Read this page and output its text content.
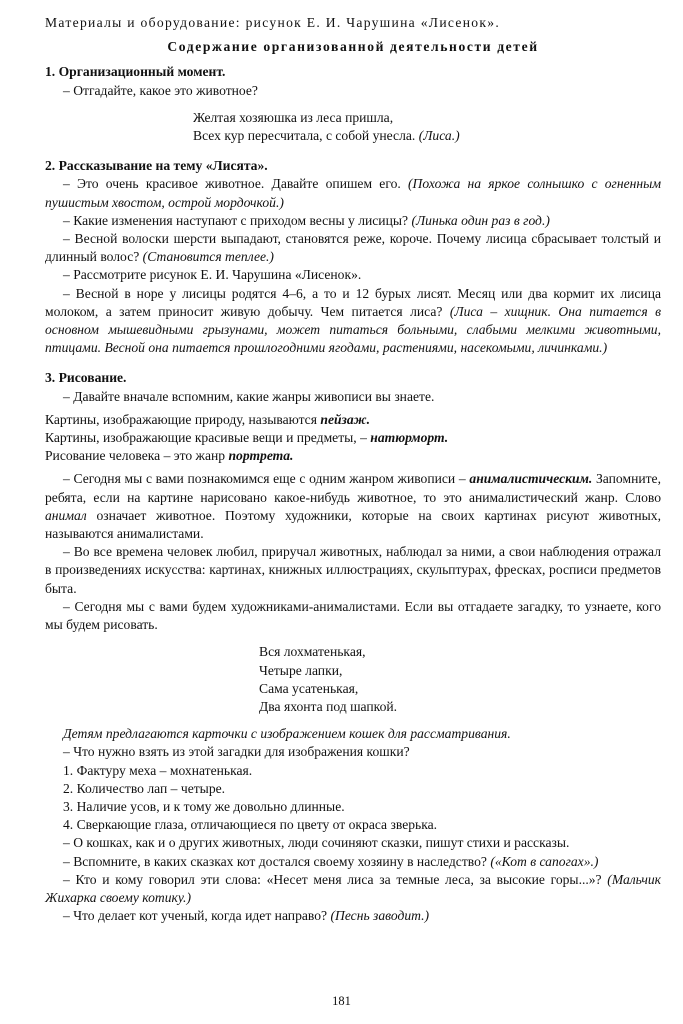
Материалы и оборудование: рисунок Е. И. Чарушина «Лисенок».

Содержание организованной деятельности детей

1. Организационный момент.

– Отгадайте, какое это животное?

Желтая хозяюшка из леса пришла,

Всех кур пересчитала, с собой унесла. (Лиса.)

2. Рассказывание на тему «Лисята».

– Это очень красивое животное. Давайте опишем его. (Похожа на яркое солнышко с огненным пушистым хвостом, острой мордочкой.)

– Какие изменения наступают с приходом весны у лисицы? (Линька один раз в год.)

– Весной волоски шерсти выпадают, становятся реже, короче. Почему лисица сбрасывает толстый и длинный волос? (Становится теплее.)

– Рассмотрите рисунок Е. И. Чарушина «Лисенок».

– Весной в норе у лисицы родятся 4–6, а то и 12 бурых лисят. Месяц или два кормит их лисица молоком, а затем приносит живую добычу. Чем питается лиса? (Лиса – хищник. Она питается в основном мышевидными грызунами, может питаться больными, слабыми мелкими животными, птицами. Весной она питается прошлогодними ягодами, растениями, насекомыми, личинками.)

3. Рисование.

– Давайте вначале вспомним, какие жанры живописи вы знаете.

Картины, изображающие природу, называются пейзаж.

Картины, изображающие красивые вещи и предметы, – натюрморт.

Рисование человека – это жанр портрета.

– Сегодня мы с вами познакомимся еще с одним жанром живописи – анималистическим. Запомните, ребята, если на картине нарисовано какое-нибудь животное, то это анималистический жанр. Слово анимал означает животное. Поэтому художники, которые на своих картинах рисуют животных, называются анималистами.

– Во все времена человек любил, приручал животных, наблюдал за ними, а свои наблюдения отражал в произведениях искусства: картинах, книжных иллюстрациях, скульптурах, фресках, росписи предметов быта.

– Сегодня мы с вами будем художниками-анималистами. Если вы отгадаете загадку, то узнаете, кого мы будем рисовать.

Вся лохматенькая,

Четыре лапки,

Сама усатенькая,

Два яхонта под шапкой.

Детям предлагаются карточки с изображением кошек для рассматривания.

– Что нужно взять из этой загадки для изображения кошки?

1. Фактуру меха – мохнатенькая.

2. Количество лап – четыре.

3. Наличие усов, и к тому же довольно длинные.

4. Сверкающие глаза, отличающиеся по цвету от окраса зверька.

– О кошках, как и о других животных, люди сочиняют сказки, пишут стихи и рассказы.

– Вспомните, в каких сказках кот достался своему хозяину в наследство? («Кот в сапогах».)

– Кто и кому говорил эти слова: «Несет меня лиса за темные леса, за высокие горы...»? (Мальчик Жихарка своему котику.)

– Что делает кот ученый, когда идет направо? (Песнь заводит.)

181
